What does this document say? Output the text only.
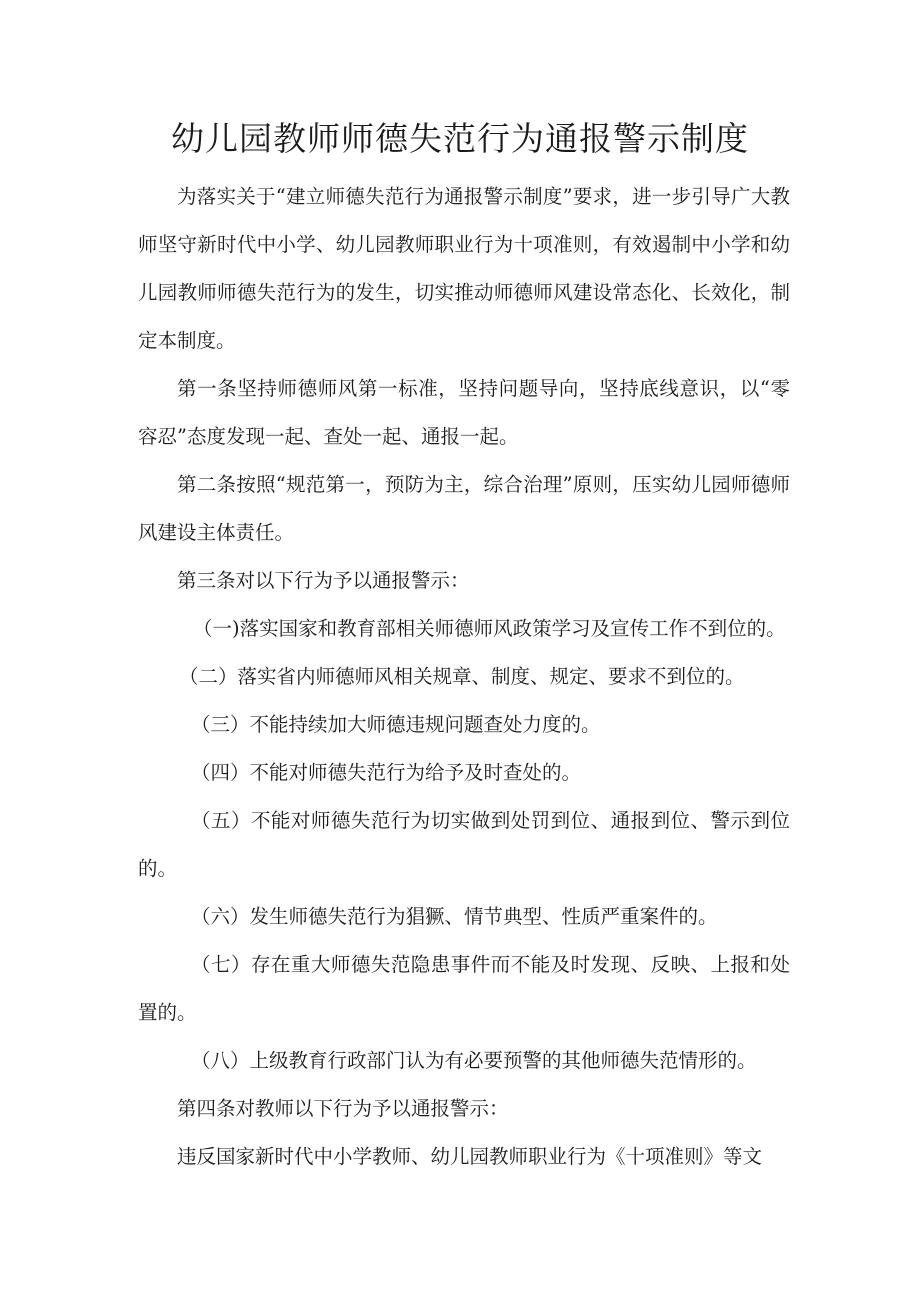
幼儿园教师师德失范行为通报警示制度

为落实关于“建立师德失范行为通报警示制度”要求，进一步引导广大教师坚守新时代中小学、幼儿园教师职业行为十项准则，有效遏制中小学和幼儿园教师师德失范行为的发生，切实推动师德师风建设常态化、长效化，制定本制度。

第一条坚持师德师风第一标准，坚持问题导向，坚持底线意识，以“零容忍”态度发现一起、查处一起、通报一起。

第二条按照“规范第一，预防为主，综合治理”原则，压实幼儿园师德师风建设主体责任。

第三条对以下行为予以通报警示：

（一)落实国家和教育部相关师德师风政策学习及宣传工作不到位的。

（二）落实省内师德师风相关规章、制度、规定、要求不到位的。

（三）不能持续加大师德违规问题查处力度的。

（四）不能对师德失范行为给予及时查处的。

（五）不能对师德失范行为切实做到处罚到位、通报到位、警示到位的。

（六）发生师德失范行为猖獗、情节典型、性质严重案件的。

（七）存在重大师德失范隐患事件而不能及时发现、反映、上报和处置的。

（八）上级教育行政部门认为有必要预警的其他师德失范情形的。

第四条对教师以下行为予以通报警示：

违反国家新时代中小学教师、幼儿园教师职业行为《十项准则》等文
